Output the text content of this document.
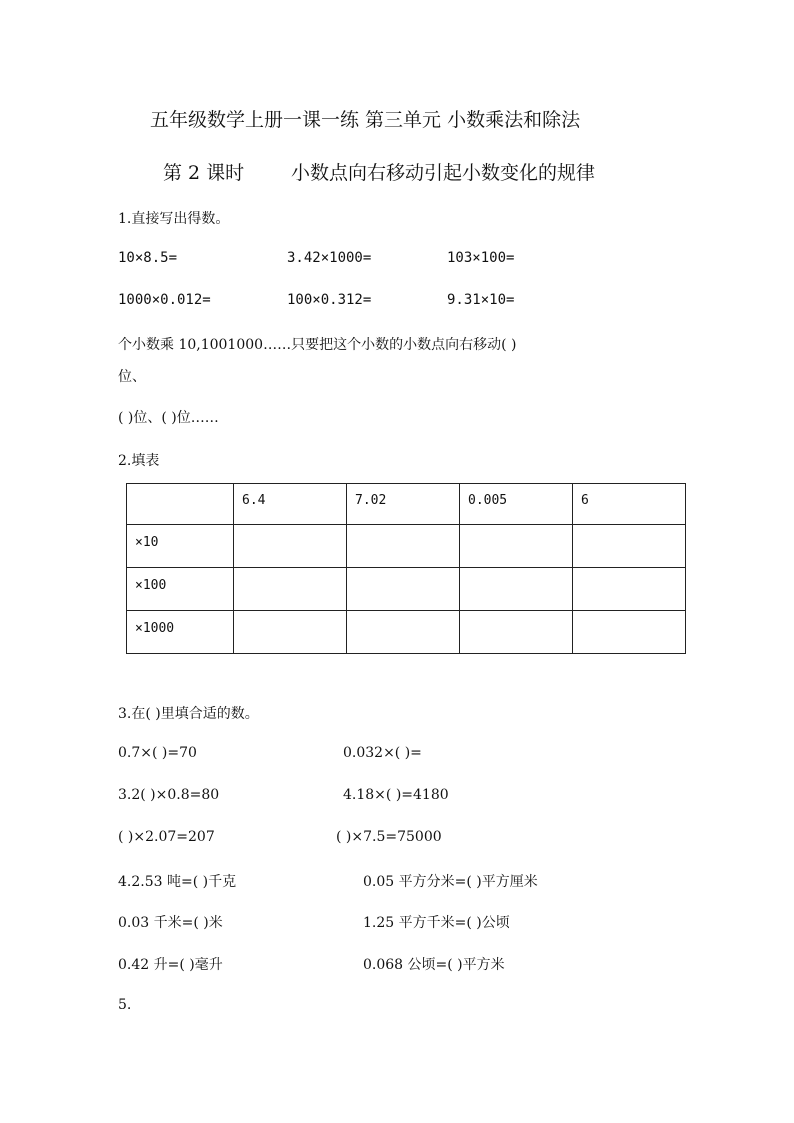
五年级数学上册一课一练 第三单元 小数乘法和除法
第 2 课时 小数点向右移动引起小数变化的规律
1.直接写出得数。
10×8.5=	3.42×1000=	103×100=
1000×0.012=	100×0.312=	9.31×10=
个小数乘 10,1001000……只要把这个小数的小数点向右移动( )
位、
( )位、( )位……
2.填表
	6.4	7.02	0.005	6
×10				
×100				
×1000				
3.在( )里填合适的数。
0.7×( )=70	0.032×( )=
3.2( )×0.8=80	4.18×( )=4180
( )×2.07=207	( )×7.5=75000
4.2.53 吨=( )千克	0.05 平方分米=( )平方厘米
0.03 千米=( )米	1.25 平方千米=( )公顷
0.42 升=( )毫升	0.068 公顷=( )平方米
5.
